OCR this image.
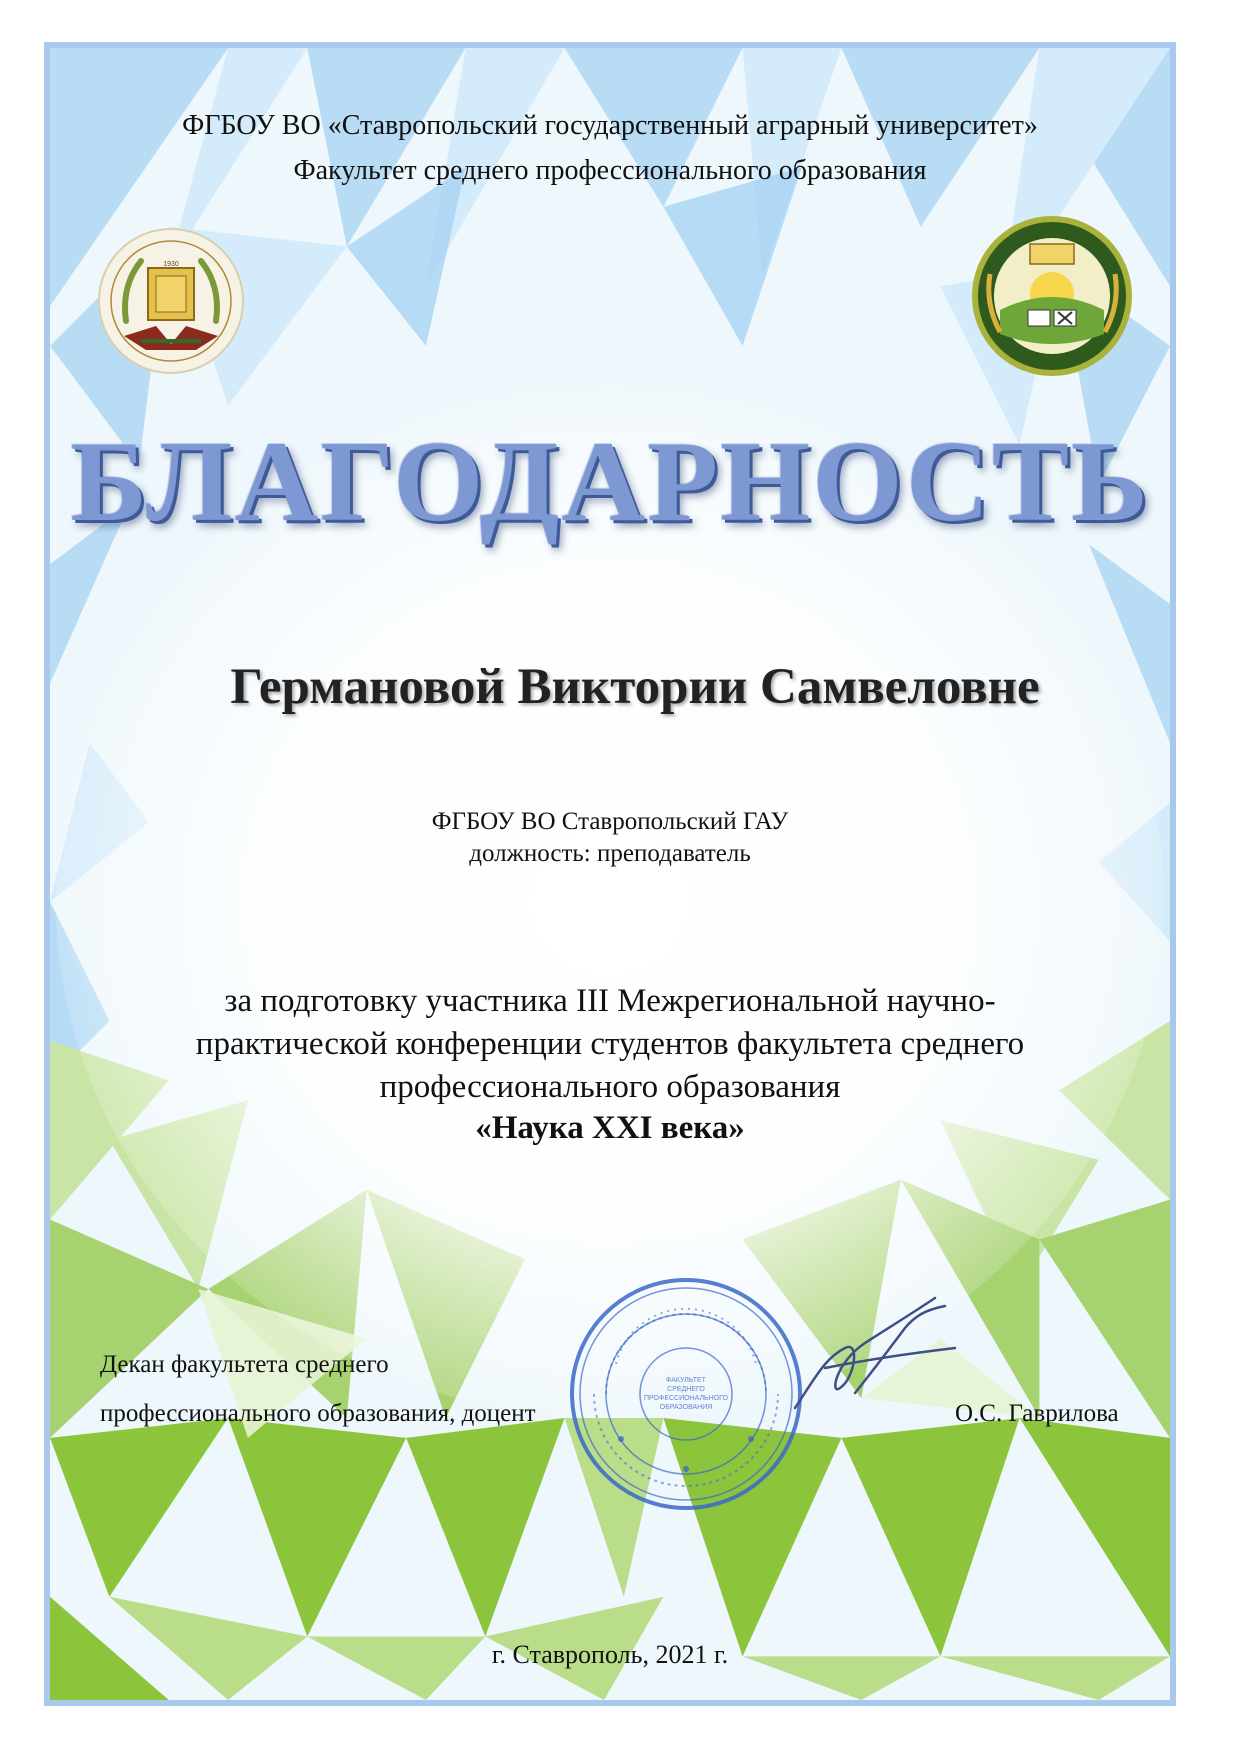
ФГБОУ ВО «Ставропольский государственный аграрный университет»
Факультет среднего профессионального образования
1930
БЛАГОДАРНОСТЬ
Германовой Виктории Самвеловне
ФГБОУ ВО Ставропольский ГАУ
должность: преподаватель
за подготовку участника III Межрегиональной научно-
практической конференции студентов факультета среднего
профессионального образования
«Наука XXI века»
ФАКУЛЬТЕТ
СРЕДНЕГО
ПРОФЕССИОНАЛЬНОГО
ОБРАЗОВАНИЯ
Декан факультета среднего
профессионального образования, доцент	О.С. Гаврилова
г. Ставрополь, 2021 г.
